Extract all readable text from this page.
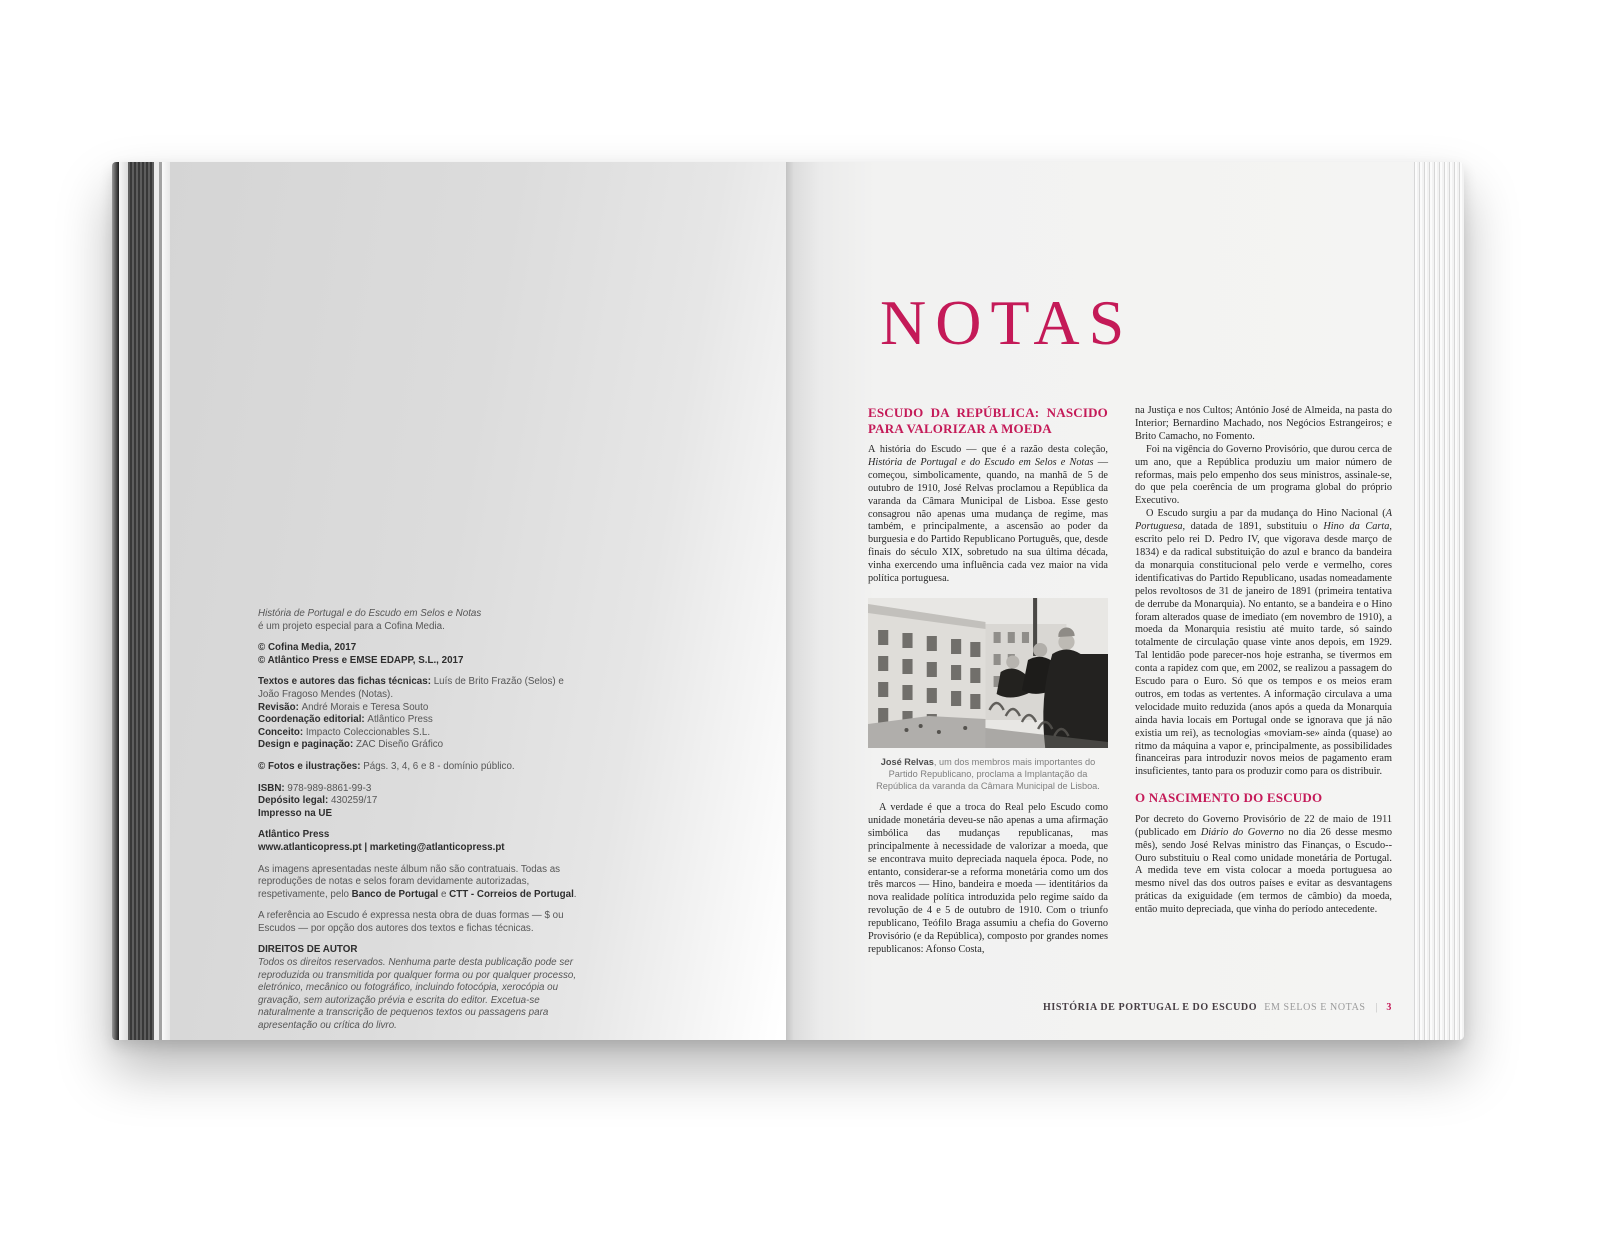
História de Portugal e do Escudo em Selos e Notas
é um projeto especial para a Cofina Media.
© Cofina Media, 2017
© Atlântico Press e EMSE EDAPP, S.L., 2017
Textos e autores das fichas técnicas: Luís de Brito Frazão (Selos) e João Fragoso Mendes (Notas).
Revisão: André Morais e Teresa Souto
Coordenação editorial: Atlântico Press
Conceito: Impacto Coleccionables S.L.
Design e paginação: ZAC Diseño Gráfico
© Fotos e ilustrações: Págs. 3, 4, 6 e 8 - domínio público.
ISBN: 978-989-8861-99-3
Depósito legal: 430259/17
Impresso na UE
Atlântico Press
www.atlanticopress.pt | marketing@atlanticopress.pt
As imagens apresentadas neste álbum não são contratuais. Todas as reproduções de notas e selos foram devidamente autorizadas, respetivamente, pelo Banco de Portugal e CTT - Correios de Portugal.
A referência ao Escudo é expressa nesta obra de duas formas — $ ou Escudos — por opção dos autores dos textos e fichas técnicas.
DIREITOS DE AUTOR
Todos os direitos reservados. Nenhuma parte desta publicação pode ser reproduzida ou transmitida por qualquer forma ou por qualquer processo, eletrónico, mecânico ou fotográfico, incluindo fotocópia, xerocópia ou gravação, sem autorização prévia e escrita do editor. Excetua-se naturalmente a transcrição de pequenos textos ou passagens para apresentação ou crítica do livro.
NOTAS
ESCUDO DA REPÚBLICA: NASCIDO PARA VALORIZAR A MOEDA

A história do Escudo — que é a razão desta coleção, História de Portugal e do Escudo em Selos e Notas — começou, simbolicamente, quando, na manhã de 5 de outubro de 1910, José Relvas proclamou a República da varanda da Câmara Municipal de Lisboa. Esse gesto consagrou não apenas uma mudança de regime, mas também, e principalmente, a ascensão ao poder da burguesia e do Partido Republicano Português, que, desde finais do século XIX, sobretudo na sua última década, vinha exercendo uma influência cada vez maior na vida política portuguesa.

José Relvas, um dos membros mais importantes do Partido Republicano, proclama a Implantação da República da varanda da Câmara Municipal de Lisboa.

A verdade é que a troca do Real pelo Escudo como unidade monetária deveu-se não apenas a uma afirmação simbólica das mudanças republicanas, mas principalmente à necessidade de valorizar a moeda, que se encontrava muito depreciada naquela época. Pode, no entanto, considerar-se a reforma monetária como um dos três marcos — Hino, bandeira e moeda — identitários da nova realidade política introduzida pelo regime saído da revolução de 4 e 5 de outubro de 1910. Com o triunfo republicano, Teófilo Braga assumiu a chefia do Governo Provisório (e da República), composto por grandes nomes republicanos: Afonso Costa,

na Justiça e nos Cultos; António José de Almeida, na pasta do Interior; Bernardino Machado, nos Negócios Estrangeiros; e Brito Camacho, no Fomento.

Foi na vigência do Governo Provisório, que durou cerca de um ano, que a República produziu um maior número de reformas, mais pelo empenho dos seus ministros, assinale-se, do que pela coerência de um programa global do próprio Executivo.

O Escudo surgiu a par da mudança do Hino Nacional (A Portuguesa, datada de 1891, substituiu o Hino da Carta, escrito pelo rei D. Pedro IV, que vigorava desde março de 1834) e da radical substituição do azul e branco da bandeira da monarquia constitucional pelo verde e vermelho, cores identificativas do Partido Republicano, usadas nomeadamente pelos revoltosos de 31 de janeiro de 1891 (primeira tentativa de derrube da Monarquia). No entanto, se a bandeira e o Hino foram alterados quase de imediato (em novembro de 1910), a moeda da Monarquia resistiu até muito tarde, só saindo totalmente de circulação quase vinte anos depois, em 1929. Tal lentidão pode parecer-nos hoje estranha, se tivermos em conta a rapidez com que, em 2002, se realizou a passagem do Escudo para o Euro. Só que os tempos e os meios eram outros, em todas as vertentes. A informação circulava a uma velocidade muito reduzida (anos após a queda da Monarquia ainda havia locais em Portugal onde se ignorava que já não existia um rei), as tecnologias «moviam-se» ainda (quase) ao ritmo da máquina a vapor e, principalmente, as possibilidades financeiras para introduzir novos meios de pagamento eram insuficientes, tanto para os produzir como para os distribuir.

O NASCIMENTO DO ESCUDO

Por decreto do Governo Provisório de 22 de maio de 1911 (publicado em Diário do Governo no dia 26 desse mesmo mês), sendo José Relvas ministro das Finanças, o Escudo--Ouro substituiu o Real como unidade monetária de Portugal. A medida teve em vista colocar a moeda portuguesa ao mesmo nível das dos outros países e evitar as desvantagens práticas da exiguidade (em termos de câmbio) da moeda, então muito depreciada, que vinha do período antecedente.

HISTÓRIA DE PORTUGAL E DO ESCUDO EM SELOS E NOTAS | 3
